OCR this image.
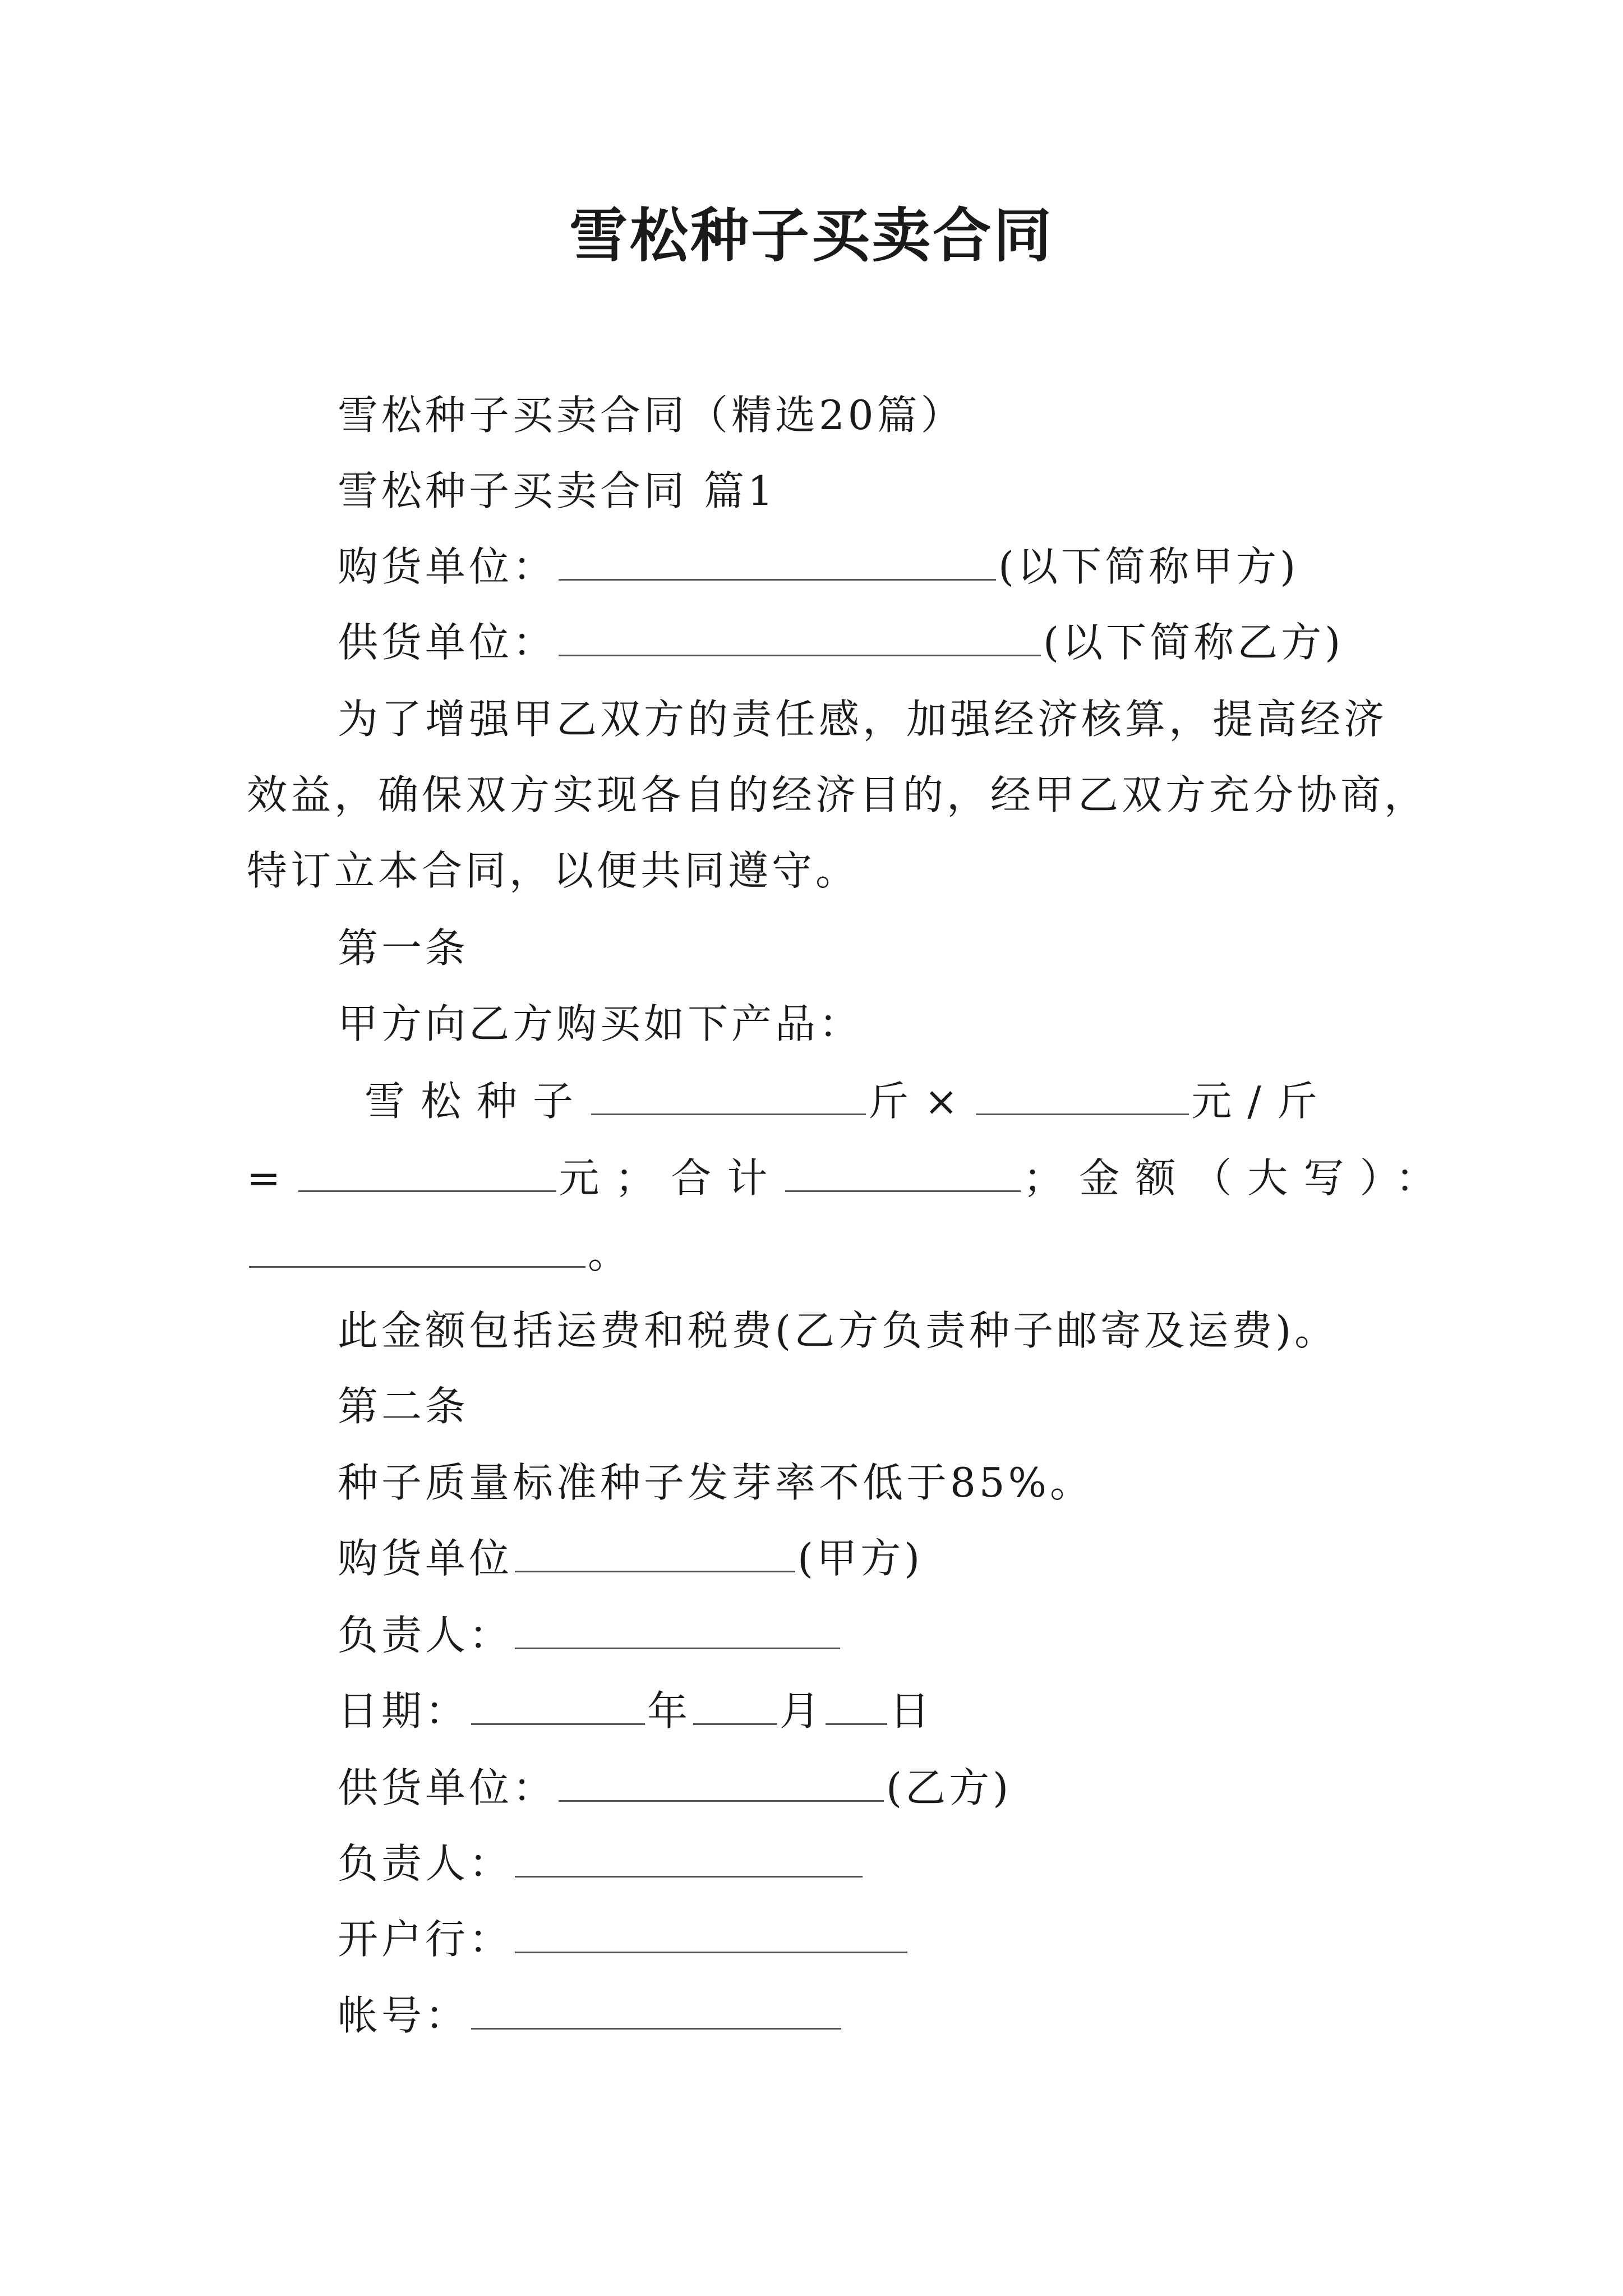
雪松种子买卖合同
雪松种子买卖合同（精选20篇）
雪松种子买卖合同 篇1
购货单位：	(以下简称甲方)
供货单位：	(以下简称乙方)
为了增强甲乙双方的责任感，加强经济核算，提高经济
效益，确保双方实现各自的经济目的，经甲乙双方充分协商，
特订立本合同，以便共同遵守。
第一条
甲方向乙方购买如下产品：
雪松种子	斤×	元/斤
=	元；合计	；金额（大写）：
。
此金额包括运费和税费(乙方负责种子邮寄及运费)。
第二条
种子质量标准种子发芽率不低于85%。
购货单位	(甲方)
负责人：
日期：	年 月 日
供货单位：	(乙方)
负责人：
开户行：
帐号：
